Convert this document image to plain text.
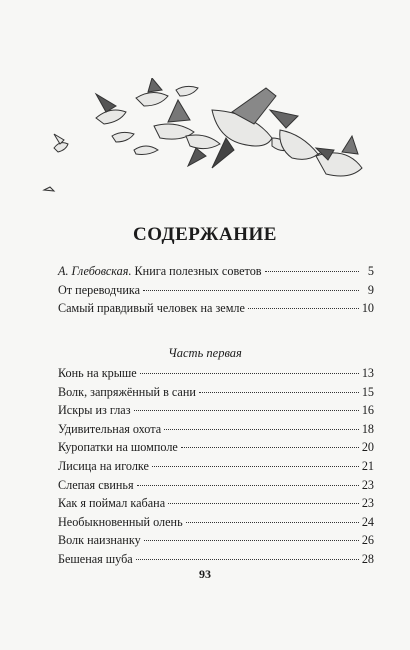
СОДЕРЖАНИЕ
А. Глебовская. Книга полезных советов	5
От переводчика	9
Самый правдивый человек на земле	10
Часть первая
Конь на крыше	13
Волк, запряжённый в сани	15
Искры из глаз	16
Удивительная охота	18
Куропатки на шомполе	20
Лисица на иголке	21
Слепая свинья	23
Как я поймал кабана	23
Необыкновенный олень	24
Волк наизнанку	26
Бешеная шуба	28
93
